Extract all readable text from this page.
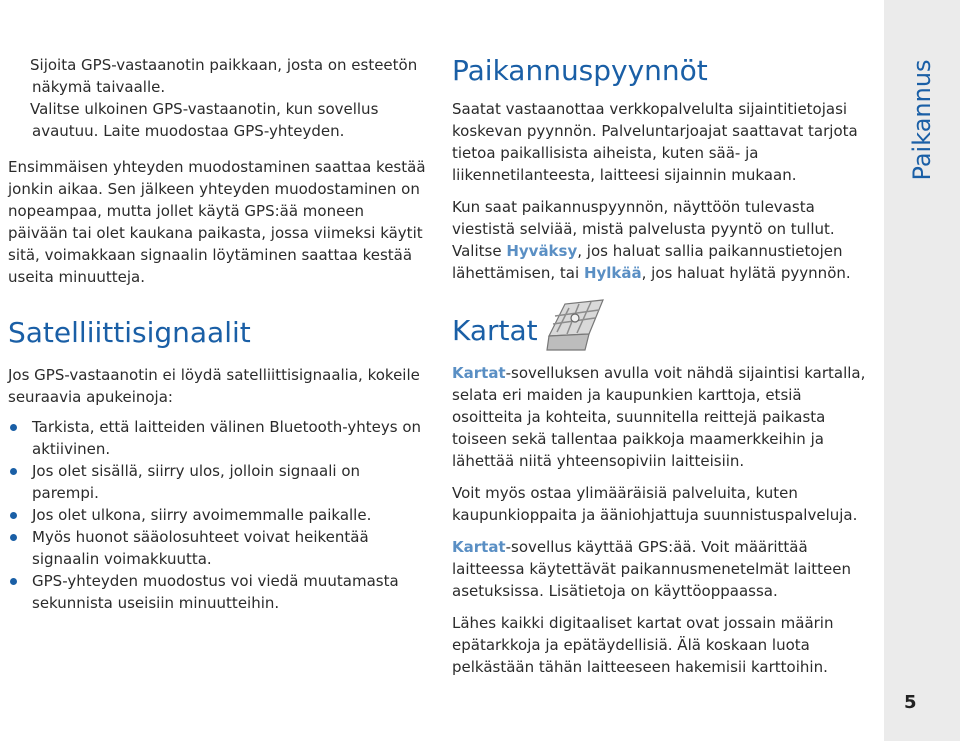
Sijoita GPS-vastaanotin paikkaan, josta on esteetön näkymä taivaalle.
Valitse ulkoinen GPS-vastaanotin, kun sovellus avautuu. Laite muodostaa GPS-yhteyden.

Ensimmäisen yhteyden muodostaminen saattaa kestää jonkin aikaa. Sen jälkeen yhteyden muodostaminen on nopeampaa, mutta jollet käytä GPS:ää moneen päivään tai olet kaukana paikasta, jossa viimeksi käytit sitä, voimakkaan signaalin löytäminen saattaa kestää useita minuutteja.

Satelliittisignaalit

Jos GPS-vastaanotin ei löydä satelliittisignaalia, kokeile seuraavia apukeinoja:

Tarkista, että laitteiden välinen Bluetooth-yhteys on aktiivinen.
Jos olet sisällä, siirry ulos, jolloin signaali on parempi.
Jos olet ulkona, siirry avoimemmalle paikalle.
Myös huonot sääolosuhteet voivat heikentää signaalin voimakkuutta.
GPS-yhteyden muodostus voi viedä muutamasta sekunnista useisiin minuutteihin.
Paikannuspyynnöt

Saatat vastaanottaa verkkopalvelulta sijaintitietojasi koskevan pyynnön. Palveluntarjoajat saattavat tarjota tietoa paikallisista aiheista, kuten sää- ja liikennetilanteesta, laitteesi sijainnin mukaan.

Kun saat paikannuspyynnön, näyttöön tulevasta viestistä selviää, mistä palvelusta pyyntö on tullut. Valitse Hyväksy, jos haluat sallia paikannustietojen lähettämisen, tai Hylkää, jos haluat hylätä pyynnön.

Kartat

Kartat-sovelluksen avulla voit nähdä sijaintisi kartalla, selata eri maiden ja kaupunkien karttoja, etsiä osoitteita ja kohteita, suunnitella reittejä paikasta toiseen sekä tallentaa paikkoja maamerkkeihin ja lähettää niitä yhteensopiviin laitteisiin.

Voit myös ostaa ylimääräisiä palveluita, kuten kaupunkioppaita ja ääniohjattuja suunnistuspalveluja.

Kartat-sovellus käyttää GPS:ää. Voit määrittää laitteessa käytettävät paikannusmenetelmät laitteen asetuksissa. Lisätietoja on käyttöoppaassa.

Lähes kaikki digitaaliset kartat ovat jossain määrin epätarkkoja ja epätäydellisiä. Älä koskaan luota pelkästään tähän laitteeseen hakemisii karttoihin.

Paikannus
5
